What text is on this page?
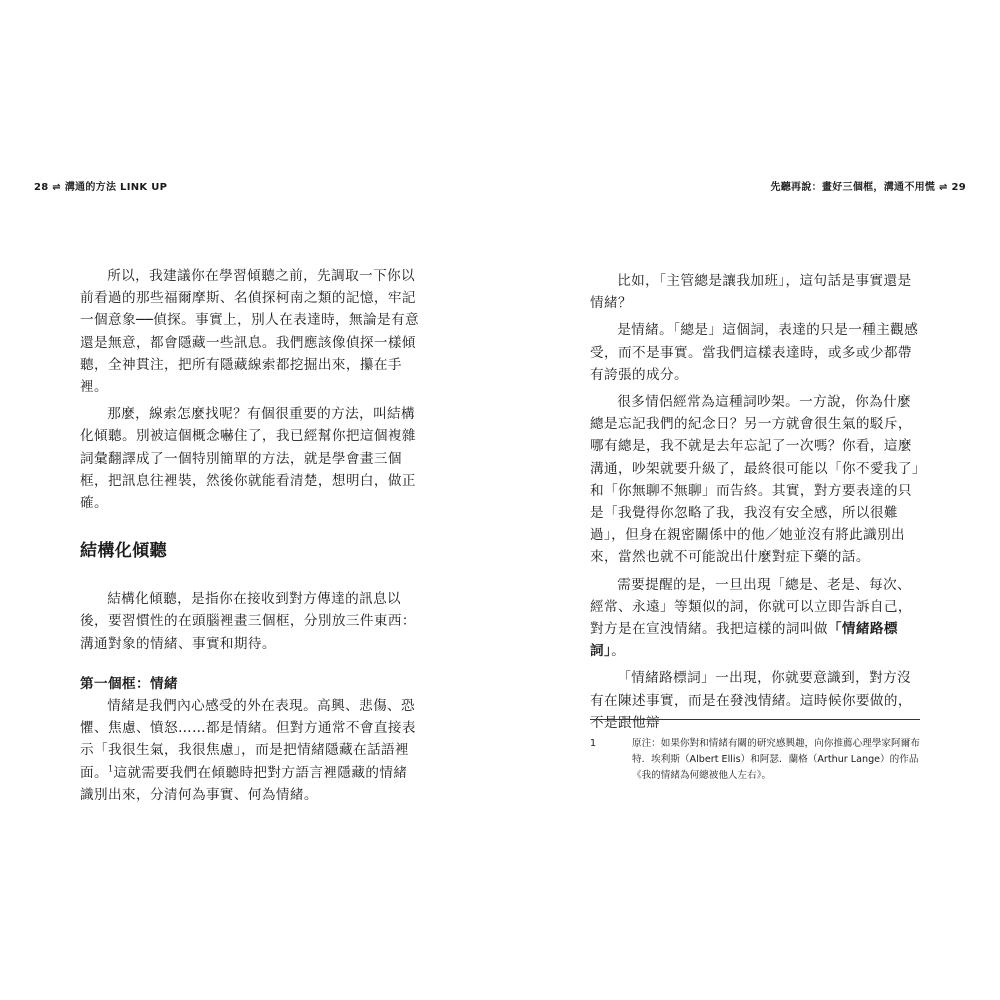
28 ⇌ 溝通的方法 LINK UP

所以，我建議你在學習傾聽之前，先調取一下你以前看過的那些福爾摩斯、名偵探柯南之類的記憶，牢記一個意象──偵探。事實上，別人在表達時，無論是有意還是無意，都會隱藏一些訊息。我們應該像偵探一樣傾聽，全神貫注，把所有隱藏線索都挖掘出來，攥在手裡。

那麼，線索怎麼找呢？有個很重要的方法，叫結構化傾聽。別被這個概念嚇住了，我已經幫你把這個複雜詞彙翻譯成了一個特別簡單的方法，就是學會畫三個框，把訊息往裡裝，然後你就能看清楚，想明白，做正確。

結構化傾聽

結構化傾聽，是指你在接收到對方傳達的訊息以後，要習慣性的在頭腦裡畫三個框，分別放三件東西：溝通對象的情緒、事實和期待。

第一個框：情緒

情緒是我們內心感受的外在表現。高興、悲傷、恐懼、焦慮、憤怒……都是情緒。但對方通常不會直接表示「我很生氣，我很焦慮」，而是把情緒隱藏在話語裡面。$^1$這就需要我們在傾聽時把對方語言裡隱藏的情緒識別出來，分清何為事實、何為情緒。

先聽再說：畫好三個框，溝通不用慌 ⇌ 29

比如，「主管總是讓我加班」，這句話是事實還是情緒？

是情緒。「總是」這個詞，表達的只是一種主觀感受，而不是事實。當我們這樣表達時，或多或少都帶有誇張的成分。

很多情侶經常為這種詞吵架。一方說，你為什麼總是忘記我們的紀念日？另一方就會很生氣的駁斥，哪有總是，我不就是去年忘記了一次嗎？你看，這麼溝通，吵架就要升級了，最終很可能以「你不愛我了」和「你無聊不無聊」而告終。其實，對方要表達的只是「我覺得你忽略了我，我沒有安全感，所以很難過」，但身在親密關係中的他／她並沒有將此識別出來，當然也就不可能說出什麼對症下藥的話。

需要提醒的是，一旦出現「總是、老是、每次、經常、永遠」等類似的詞，你就可以立即告訴自己，對方是在宣洩情緒。我把這樣的詞叫做「情緒路標詞」。

「情緒路標詞」一出現，你就要意識到，對方沒有在陳述事實，而是在發洩情緒。這時候你要做的，不是跟他辯

1	原注：如果你對和情緒有關的研究感興趣，向你推薦心理學家阿爾布特．埃利斯（Albert Ellis）和阿瑟．蘭格（Arthur Lange）的作品《我的情緒為何總被他人左右》。
